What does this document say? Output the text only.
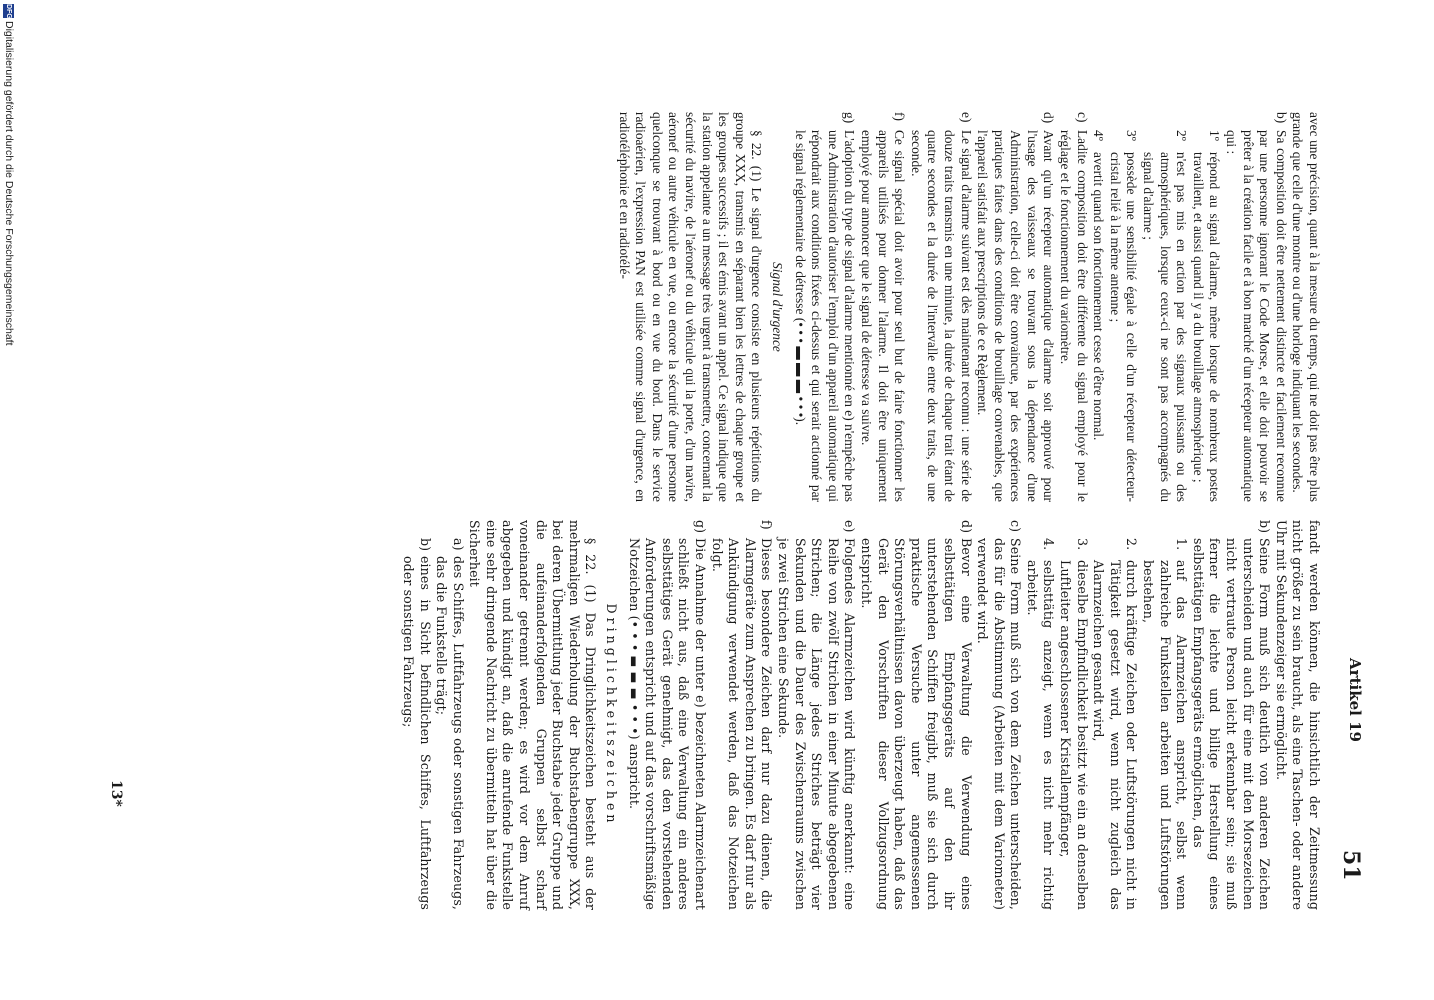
Artikel 19
51

avec une précision, quant à la mesure du temps, qui ne doit pas être plus grande que celle d'une montre ou d'une horloge indiquant les secondes.

b)
Sa composition doit être nettement distincte et facilement reconnue par une personne ignorant le Code Morse, et elle doit pouvoir se prêter à la création facile et à bon marché d'un récepteur automatique qui :
1º
répond au signal d'alarme, même lorsque de nombreux postes travaillent, et aussi quand il y a du brouillage atmosphérique ;
2º
n'est pas mis en action par des signaux puissants ou des atmosphériques, lorsque ceux-ci ne sont pas accompagnés du signal d'alarme ;
3º
possède une sensibilité égale à celle d'un récepteur détecteur-cristal relié à la même antenne ;
4º
avertit quand son fonctionnement cesse d'être normal.
c)
Ladite composition doit être différente du signal employé pour le réglage et le fonctionnement du variomètre.
d)
Avant qu'un récepteur automatique d'alarme soit approuvé pour l'usage des vaisseaux se trouvant sous la dépendance d'une Administration, celle-ci doit être convaincue, par des expériences pratiques faites dans des conditions de brouillage convenables, que l'appareil satisfait aux prescriptions de ce Règlement.
e)
Le signal d'alarme suivant est dès maintenant reconnu : une série de douze traits transmis en une minute, la durée de chaque trait étant de quatre secondes et la durée de l'intervalle entre deux traits, de une seconde.
f)
Ce signal spécial doit avoir pour seul but de faire fonctionner les appareils utilisés pour donner l'alarme. Il doit être uniquement employé pour annoncer que le signal de détresse va suivre.
g)
L'adoption du type de signal d'alarme mentionné en e) n'empêche pas une Administration d'autoriser l'emploi d'un appareil automatique qui répondrait aux conditions fixées ci-dessus et qui serait actionné par le signal réglementaire de détresse (• • • ▬ ▬ ▬ • • •).
Signal d'urgence

§ 22. (1) Le signal d'urgence consiste en plusieurs répétitions du groupe XXX, transmis en séparant bien les lettres de chaque groupe et les groupes successifs ; il est émis avant un appel. Ce signal indique que la station appelante a un message très urgent à transmettre, concernant la sécurité du navire, de l'aéronef ou du véhicule qui la porte, d'un navire, aéronef ou autre véhicule en vue, ou encore la sécurité d'une personne quelconque se trouvant à bord ou en vue du bord. Dans le service radioaérien, l'expression PAN est utilisée comme signal d'urgence, en radiotéléphonie et en radiotélé-

fandt werden können, die hinsichtlich der Zeitmessung nicht größer zu sein braucht, als eine Taschen- oder andere Uhr mit Sekundenzeiger sie ermöglicht.

b)
Seine Form muß sich deutlich von anderen Zeichen unterscheiden und auch für eine mit den Morsezeichen nicht vertraute Person leicht erkennbar sein; sie muß ferner die leichte und billige Herstellung eines selbsttätigen Empfangsgeräts ermöglichen, das
1.
auf das Alarmzeichen anspricht, selbst wenn zahlreiche Funkstellen arbeiten und Luftstörungen bestehen,
2.
durch kräftige Zeichen oder Luftstörungen nicht in Tätigkeit gesetzt wird, wenn nicht zugleich das Alarmzeichen gesandt wird,
3.
dieselbe Empfindlichkeit besitzt wie ein an denselben Luftleiter angeschlossener Kristallempfänger,
4.
selbsttätig anzeigt, wenn es nicht mehr richtig arbeitet.
c)
Seine Form muß sich von dem Zeichen unterscheiden, das für die Abstimmung (Arbeiten mit dem Variometer) verwendet wird.
d)
Bevor eine Verwaltung die Verwendung eines selbsttätigen Empfangsgeräts auf den ihr unterstehenden Schiffen freigibt, muß sie sich durch praktische Versuche unter angemessenen Störungsverhältnissen davon überzeugt haben, daß das Gerät den Vorschriften dieser Vollzugsordnung entspricht.
e)
Folgendes Alarmzeichen wird künftig anerkannt: eine Reihe von zwölf Strichen in einer Minute abgegebenen Strichen; die Länge jedes Striches beträgt vier Sekunden und die Dauer des Zwischenraums zwischen je zwei Strichen eine Sekunde.
f)
Dieses besondere Zeichen darf nur dazu dienen, die Alarmgeräte zum Ansprechen zu bringen. Es darf nur als Ankündigung verwendet werden, daß das Notzeichen folgt.
g)
Die Annahme der unter e) bezeichneten Alarmzeichenart schließt nicht aus, daß eine Verwaltung ein anderes selbsttätiges Gerät genehmigt, das den vorstehenden Anforderungen entspricht und auf das vorschriftsmäßige Notzeichen (• • • ▬ ▬ ▬ • • •) anspricht.
Dringlichkeitszeichen

§ 22. (1) Das Dringlichkeitszeichen besteht aus der mehrmaligen Wiederholung der Buchstabengruppe XXX, bei deren Übermittlung jeder Buchstabe jeder Gruppe und die aufeinanderfolgenden Gruppen selbst scharf voneinander getrennt werden; es wird vor dem Anruf abgegeben und kündigt an, daß die anrufende Funkstelle eine sehr dringende Nachricht zu übermitteln hat über die Sicherheit

a)
des Schiffes, Luftfahrzeugs oder sonstigen Fahrzeugs, das die Funkstelle trägt;
b)
eines in Sicht befindlichen Schiffes, Luftfahrzeugs oder sonstigen Fahrzeugs;
13*
DFG
Digitalisierung gefördert durch die Deutsche Forschungsgemeinschaft
